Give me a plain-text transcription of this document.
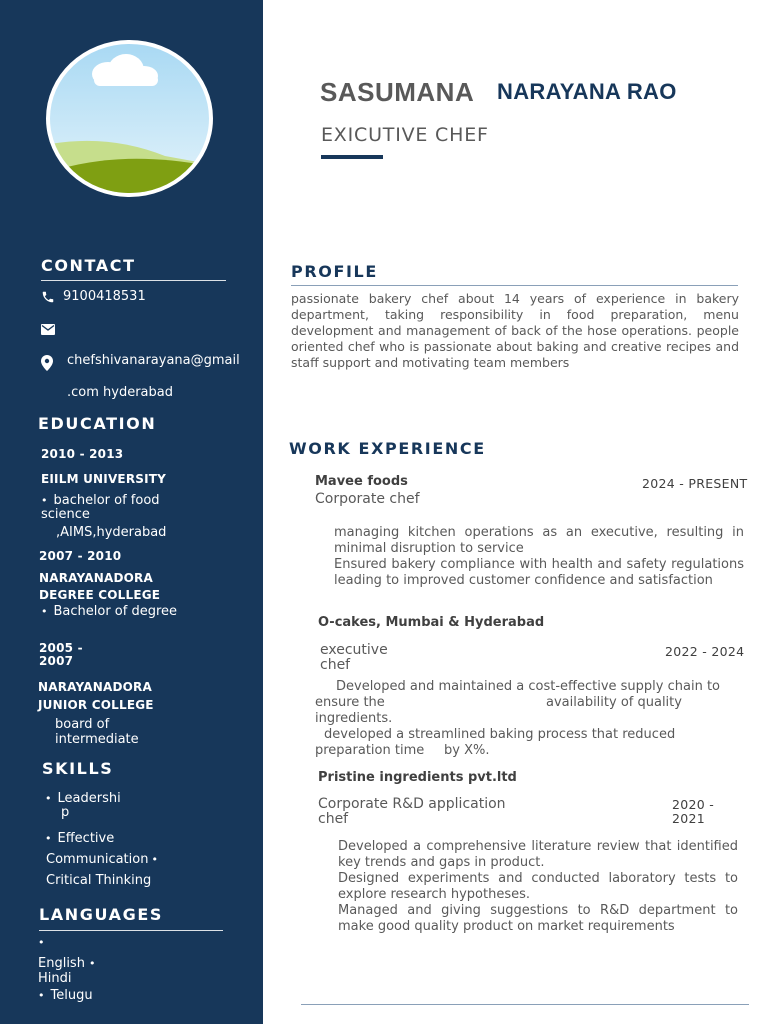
CONTACT
9100418531
chefshivanarayana@gmail
.com hyderabad
EDUCATION
2010 - 2013
EIILM UNIVERSITY
• bachelor of food
science
,AIMS,hyderabad
2007 - 2010
NARAYANADORA
DEGREE COLLEGE
• Bachelor of degree
2005 -
2007
NARAYANADORA
JUNIOR COLLEGE
board of
intermediate
SKILLS
• Leadershi
p
• Effective
Communication •
Critical Thinking
LANGUAGES
•
English •
Hindi
• Telugu
SASUMANA NARAYANA RAO
EXICUTIVE CHEF
PROFILE
passionate bakery chef about 14 years of experience in bakery department, taking responsibility in food preparation, menu development and management of back of the hose operations. people oriented chef who is passionate about baking and creative recipes and staff support and motivating team members
WORK EXPERIENCE
Mavee foods	2024 - PRESENT
Corporate chef
managing kitchen operations as an executive, resulting in minimal disruption to service
Ensured bakery compliance with health and safety regulations leading to improved customer confidence and satisfaction
O-cakes, Mumbai & Hyderabad
executive
chef
2022 - 2024
Developed and maintained a cost-effective supply chain to
ensure the	availability of quality
ingredients.
developed a streamlined baking process that reduced
preparation time by X%.
Pristine ingredients pvt.ltd
Corporate R&D application
chef
2020 -
2021
Developed a comprehensive literature review that identified key trends and gaps in product.
Designed experiments and conducted laboratory tests to explore research hypotheses.
Managed and giving suggestions to R&D department to make good quality product on market requirements
